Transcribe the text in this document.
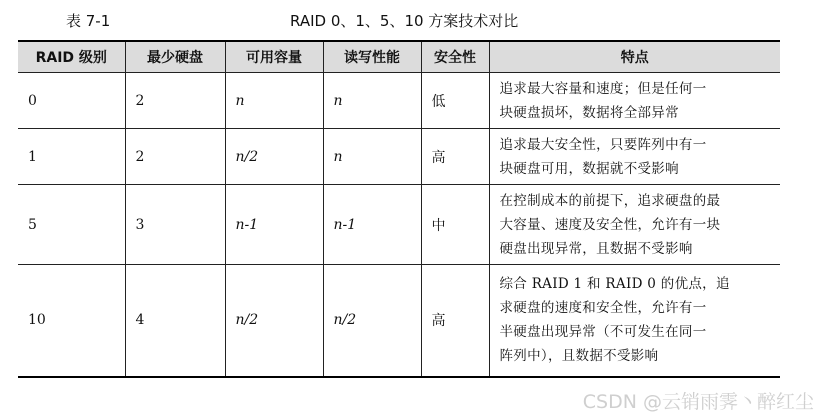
表 7-1	RAID 0、1、5、10 方案技术对比
RAID 级别	最少硬盘	可用容量	读写性能	安全性	特点
0	2	n	n	低	追求最大容量和速度；但是任何一
块硬盘损坏，数据将全部异常

1	2	n/2	n	高	追求最大安全性，只要阵列中有一
块硬盘可用，数据就不受影响

5	3	n-1	n-1	中	在控制成本的前提下，追求硬盘的最
大容量、速度及安全性，允许有一块
硬盘出现异常，且数据不受影响

10	4	n/2	n/2	高	综合 RAID 1 和 RAID 0 的优点，追
求硬盘的速度和安全性，允许有一
半硬盘出现异常（不可发生在同一
阵列中），且数据不受影响
CSDN @云销雨霁丶醉红尘
